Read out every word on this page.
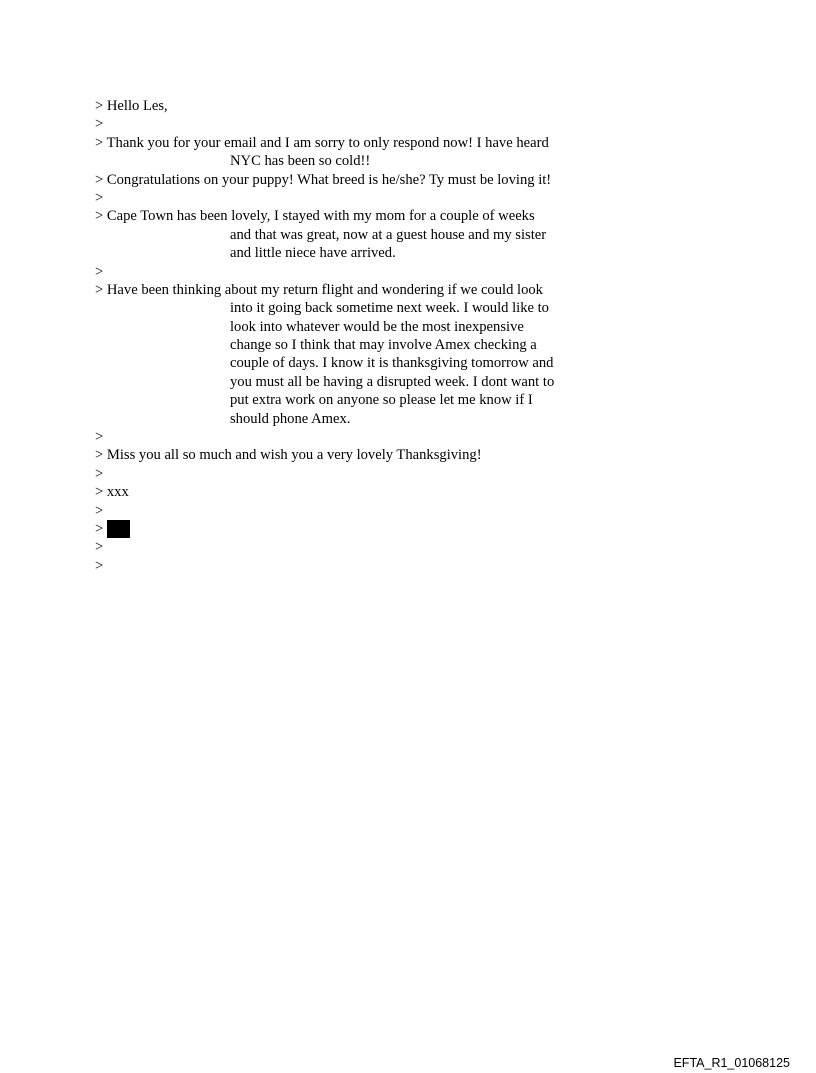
> Hello Les,
>
> Thank you for your email and I am sorry to only respond now! I have heard
NYC has been so cold!!
> Congratulations on your puppy! What breed is he/she? Ty must be loving it!
>
> Cape Town has been lovely, I stayed with my mom for a couple of weeks
and that was great, now at a guest house and my sister
and little niece have arrived.
>
> Have been thinking about my return flight and wondering if we could look
into it going back sometime next week. I would like to
look into whatever would be the most inexpensive
change so I think that may involve Amex checking a
couple of days. I know it is thanksgiving tomorrow and
you must all be having a disrupted week. I dont want to
put extra work on anyone so please let me know if I
should phone Amex.
>
> Miss you all so much and wish you a very lovely Thanksgiving!
>
> xxx
>
>
>
>
EFTA_R1_01068125
